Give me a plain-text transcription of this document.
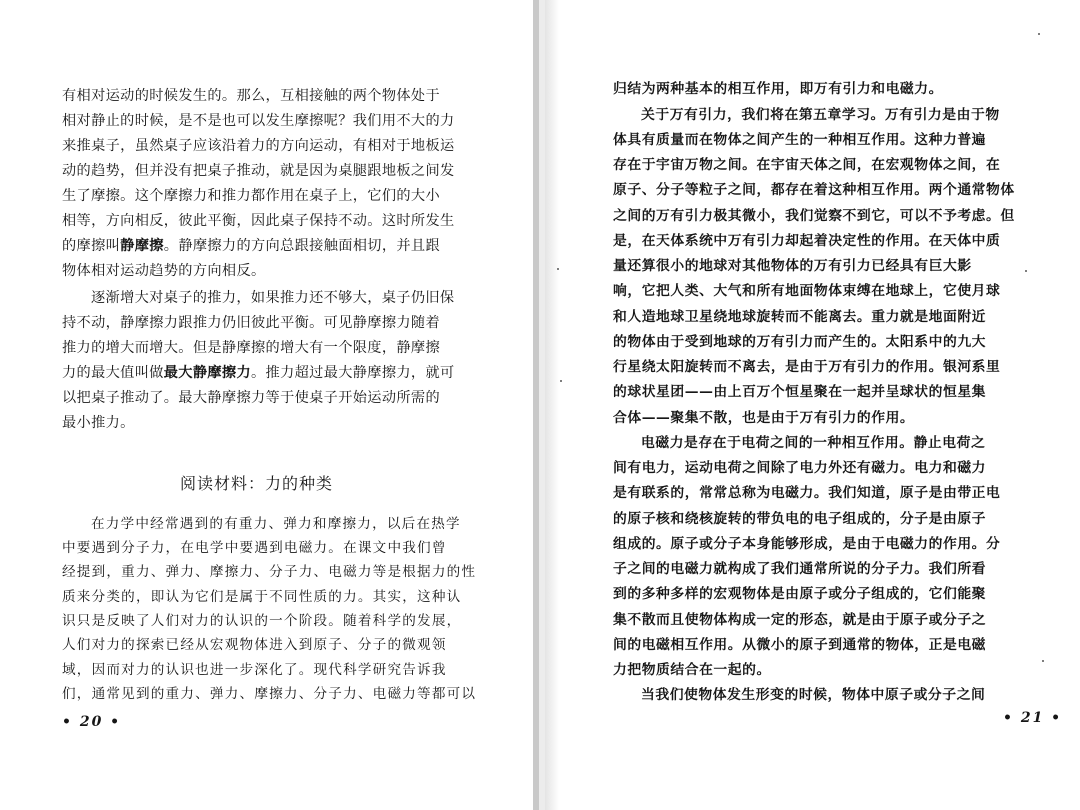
有相对运动的时候发生的。那么，互相接触的两个物体处于

相对静止的时候，是不是也可以发生摩擦呢？我们用不大的力

来推桌子，虽然桌子应该沿着力的方向运动，有相对于地板运

动的趋势，但并没有把桌子推动，就是因为桌腿跟地板之间发

生了摩擦。这个摩擦力和推力都作用在桌子上，它们的大小

相等，方向相反，彼此平衡，因此桌子保持不动。这时所发生

的摩擦叫静摩擦。静摩擦力的方向总跟接触面相切，并且跟

物体相对运动趋势的方向相反。

逐渐增大对桌子的推力，如果推力还不够大，桌子仍旧保

持不动，静摩擦力跟推力仍旧彼此平衡。可见静摩擦力随着

推力的增大而增大。但是静摩擦的增大有一个限度，静摩擦

力的最大值叫做最大静摩擦力。推力超过最大静摩擦力，就可

以把桌子推动了。最大静摩擦力等于使桌子开始运动所需的

最小推力。

阅读材料：力的种类

在力学中经常遇到的有重力、弹力和摩擦力，以后在热学

中要遇到分子力，在电学中要遇到电磁力。在课文中我们曾

经提到，重力、弹力、摩擦力、分子力、电磁力等是根据力的性

质来分类的，即认为它们是属于不同性质的力。其实，这种认

识只是反映了人们对力的认识的一个阶段。随着科学的发展，

人们对力的探索已经从宏观物体进入到原子、分子的微观领

域，因而对力的认识也进一步深化了。现代科学研究告诉我

们，通常见到的重力、弹力、摩擦力、分子力、电磁力等都可以

• 20 •

归结为两种基本的相互作用，即万有引力和电磁力。

关于万有引力，我们将在第五章学习。万有引力是由于物

体具有质量而在物体之间产生的一种相互作用。这种力普遍

存在于宇宙万物之间。在宇宙天体之间，在宏观物体之间，在

原子、分子等粒子之间，都存在着这种相互作用。两个通常物体

之间的万有引力极其微小，我们觉察不到它，可以不予考虑。但

是，在天体系统中万有引力却起着决定性的作用。在天体中质

量还算很小的地球对其他物体的万有引力已经具有巨大影

响，它把人类、大气和所有地面物体束缚在地球上，它使月球

和人造地球卫星绕地球旋转而不能离去。重力就是地面附近

的物体由于受到地球的万有引力而产生的。太阳系中的九大

行星绕太阳旋转而不离去，是由于万有引力的作用。银河系里

的球状星团——由上百万个恒星聚在一起并呈球状的恒星集

合体——聚集不散，也是由于万有引力的作用。

电磁力是存在于电荷之间的一种相互作用。静止电荷之

间有电力，运动电荷之间除了电力外还有磁力。电力和磁力

是有联系的，常常总称为电磁力。我们知道，原子是由带正电

的原子核和绕核旋转的带负电的电子组成的，分子是由原子

组成的。原子或分子本身能够形成，是由于电磁力的作用。分

子之间的电磁力就构成了我们通常所说的分子力。我们所看

到的多种多样的宏观物体是由原子或分子组成的，它们能聚

集不散而且使物体构成一定的形态，就是由于原子或分子之

间的电磁相互作用。从微小的原子到通常的物体，正是电磁

力把物质结合在一起的。

当我们使物体发生形变的时候，物体中原子或分子之间

• 21 •
